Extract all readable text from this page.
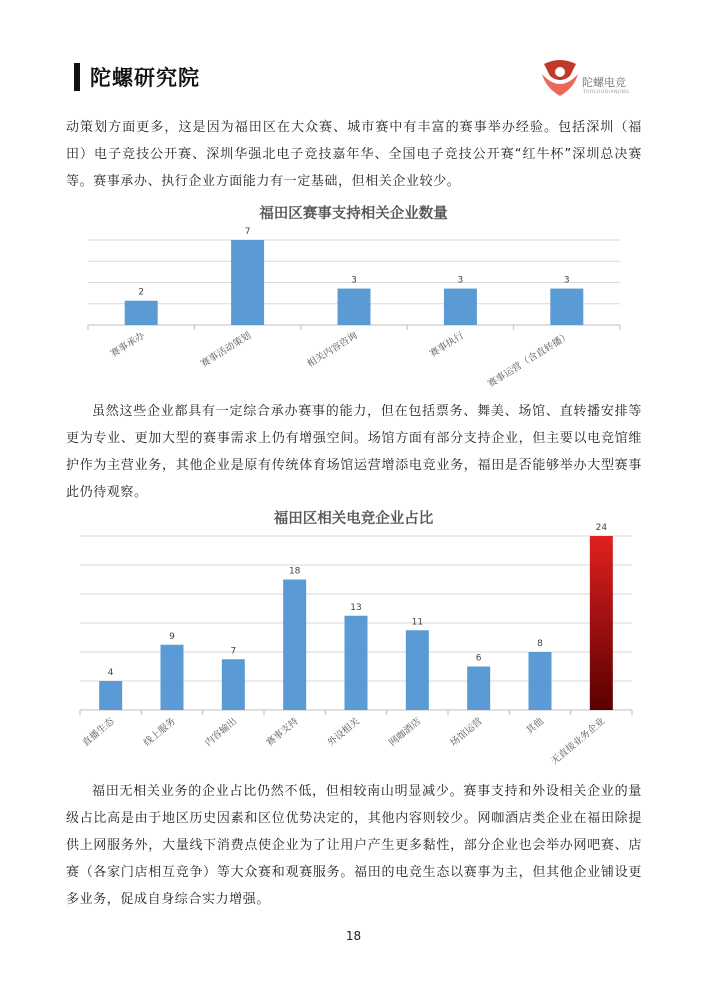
陀螺研究院	陀螺电竞
TUOLUODIANJING
动策划方面更多，这是因为福田区在大众赛、城市赛中有丰富的赛事举办经验。包括深圳（福田）电子竞技公开赛、深圳华强北电子竞技嘉年华、全国电子竞技公开赛“红牛杯”深圳总决赛等。赛事承办、执行企业方面能力有一定基础，但相关企业较少。
福田区赛事支持相关企业数量
2
赛事承办
7
赛事活动策划
3
相关内容咨询
3
赛事执行
3
赛事运营（含直转播）
虽然这些企业都具有一定综合承办赛事的能力，但在包括票务、舞美、场馆、直转播安排等更为专业、更加大型的赛事需求上仍有增强空间。场馆方面有部分支持企业，但主要以电竞馆维护作为主营业务，其他企业是原有传统体育场馆运营增添电竞业务，福田是否能够举办大型赛事此仍待观察。
福田区相关电竞企业占比
4
直播生态
9
线上服务
7
内容输出
18
赛事支持
13
外设相关
11
网咖酒店
6
场馆运营
8
其他
24
无直接业务企业
福田无相关业务的企业占比仍然不低，但相较南山明显减少。赛事支持和外设相关企业的量级占比高是由于地区历史因素和区位优势决定的，其他内容则较少。网咖酒店类企业在福田除提供上网服务外，大量线下消费点使企业为了让用户产生更多黏性，部分企业也会举办网吧赛、店赛（各家门店相互竞争）等大众赛和观赛服务。福田的电竞生态以赛事为主，但其他企业铺设更多业务，促成自身综合实力增强。
18
